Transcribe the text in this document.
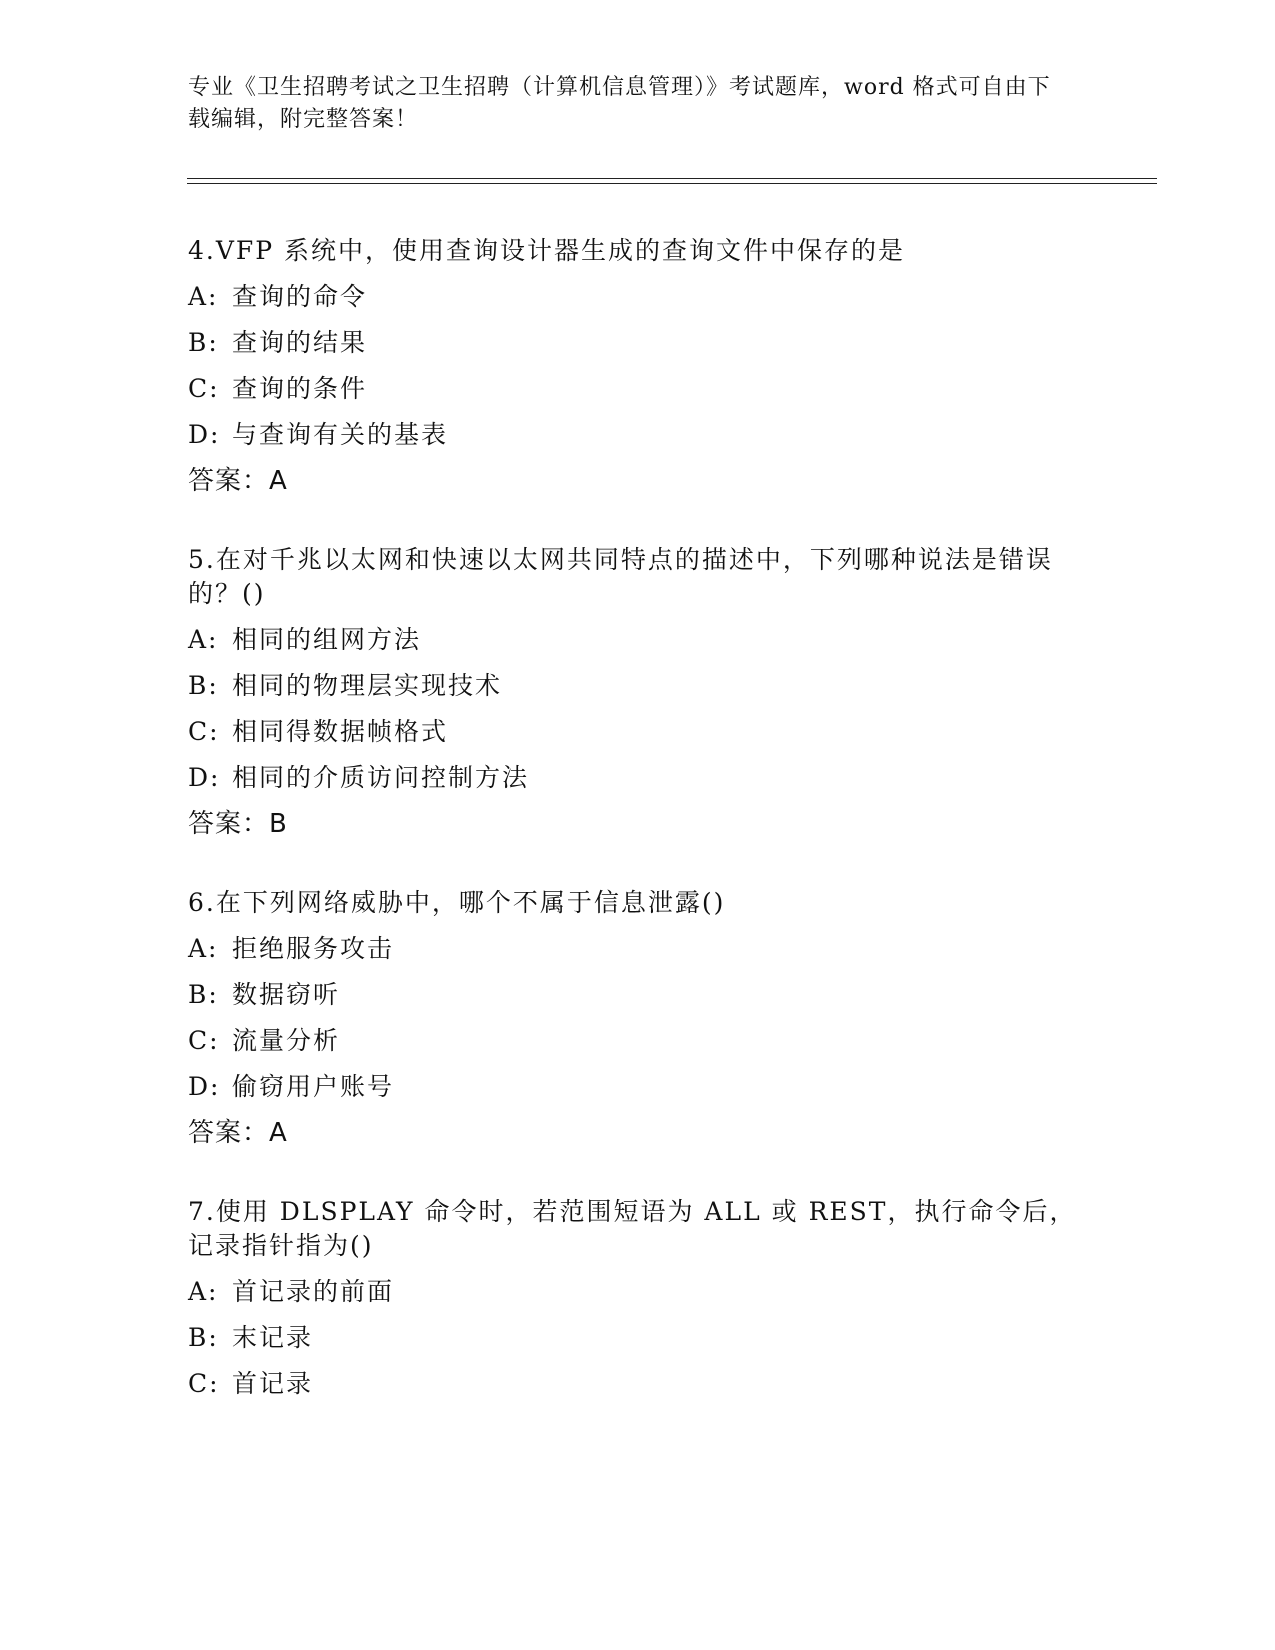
专业《卫生招聘考试之卫生招聘（计算机信息管理）》考试题库，word 格式可自由下载编辑，附完整答案！
4.VFP 系统中，使用查询设计器生成的查询文件中保存的是
A: 查询的命令
B: 查询的结果
C: 查询的条件
D: 与查询有关的基表
答案：A
5.在对千兆以太网和快速以太网共同特点的描述中，下列哪种说法是错误的？()
A: 相同的组网方法
B: 相同的物理层实现技术
C: 相同得数据帧格式
D: 相同的介质访问控制方法
答案：B
6.在下列网络威胁中，哪个不属于信息泄露()
A: 拒绝服务攻击
B: 数据窃听
C: 流量分析
D: 偷窃用户账号
答案：A
7.使用 DLSPLAY 命令时，若范围短语为 ALL 或 REST，执行命令后，记录指针指为()
A: 首记录的前面
B: 末记录
C: 首记录
